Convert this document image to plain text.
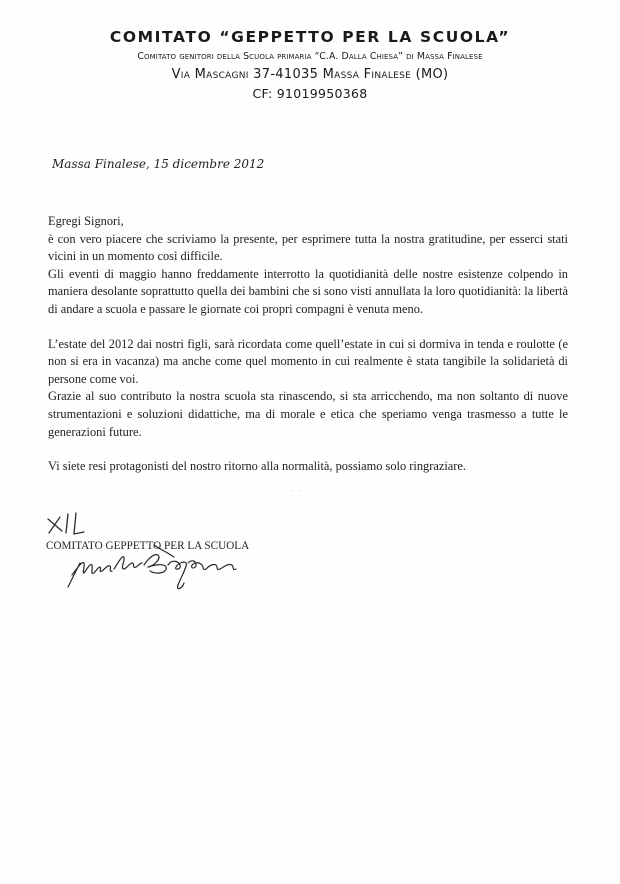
COMITATO “GEPPETTO PER LA SCUOLA”
Comitato genitori della Scuola primaria “C.A. Dalla Chiesa” di Massa Finalese
Via Mascagni 37-41035 Massa Finalese (MO)
CF: 91019950368
Massa Finalese, 15 dicembre 2012

Egregi Signori,

è con vero piacere che scriviamo la presente, per esprimere tutta la nostra gratitudine, per esserci stati vicini in un momento così difficile.

Gli eventi di maggio hanno freddamente interrotto la quotidianità delle nostre esistenze colpendo in maniera desolante soprattutto quella dei bambini che si sono visti annullata la loro quotidianità: la libertà di andare a scuola e passare le giornate coi propri compagni è venuta meno.

L’estate del 2012 dai nostri figli, sarà ricordata come quell’estate in cui si dormiva in tenda e roulotte (e non si era in vacanza) ma anche come quel momento in cui realmente è stata tangibile la solidarietà di persone come voi.

Grazie al suo contributo la nostra scuola sta rinascendo, si sta arricchendo, ma non soltanto di nuove strumentazioni e soluzioni didattiche, ma di morale e etica che speriamo venga trasmesso a tutte le generazioni future.

Vi siete resi protagonisti del nostro ritorno alla normalità, possiamo solo ringraziare.

· ·
COMITATO GEPPETTO PER LA SCUOLA
